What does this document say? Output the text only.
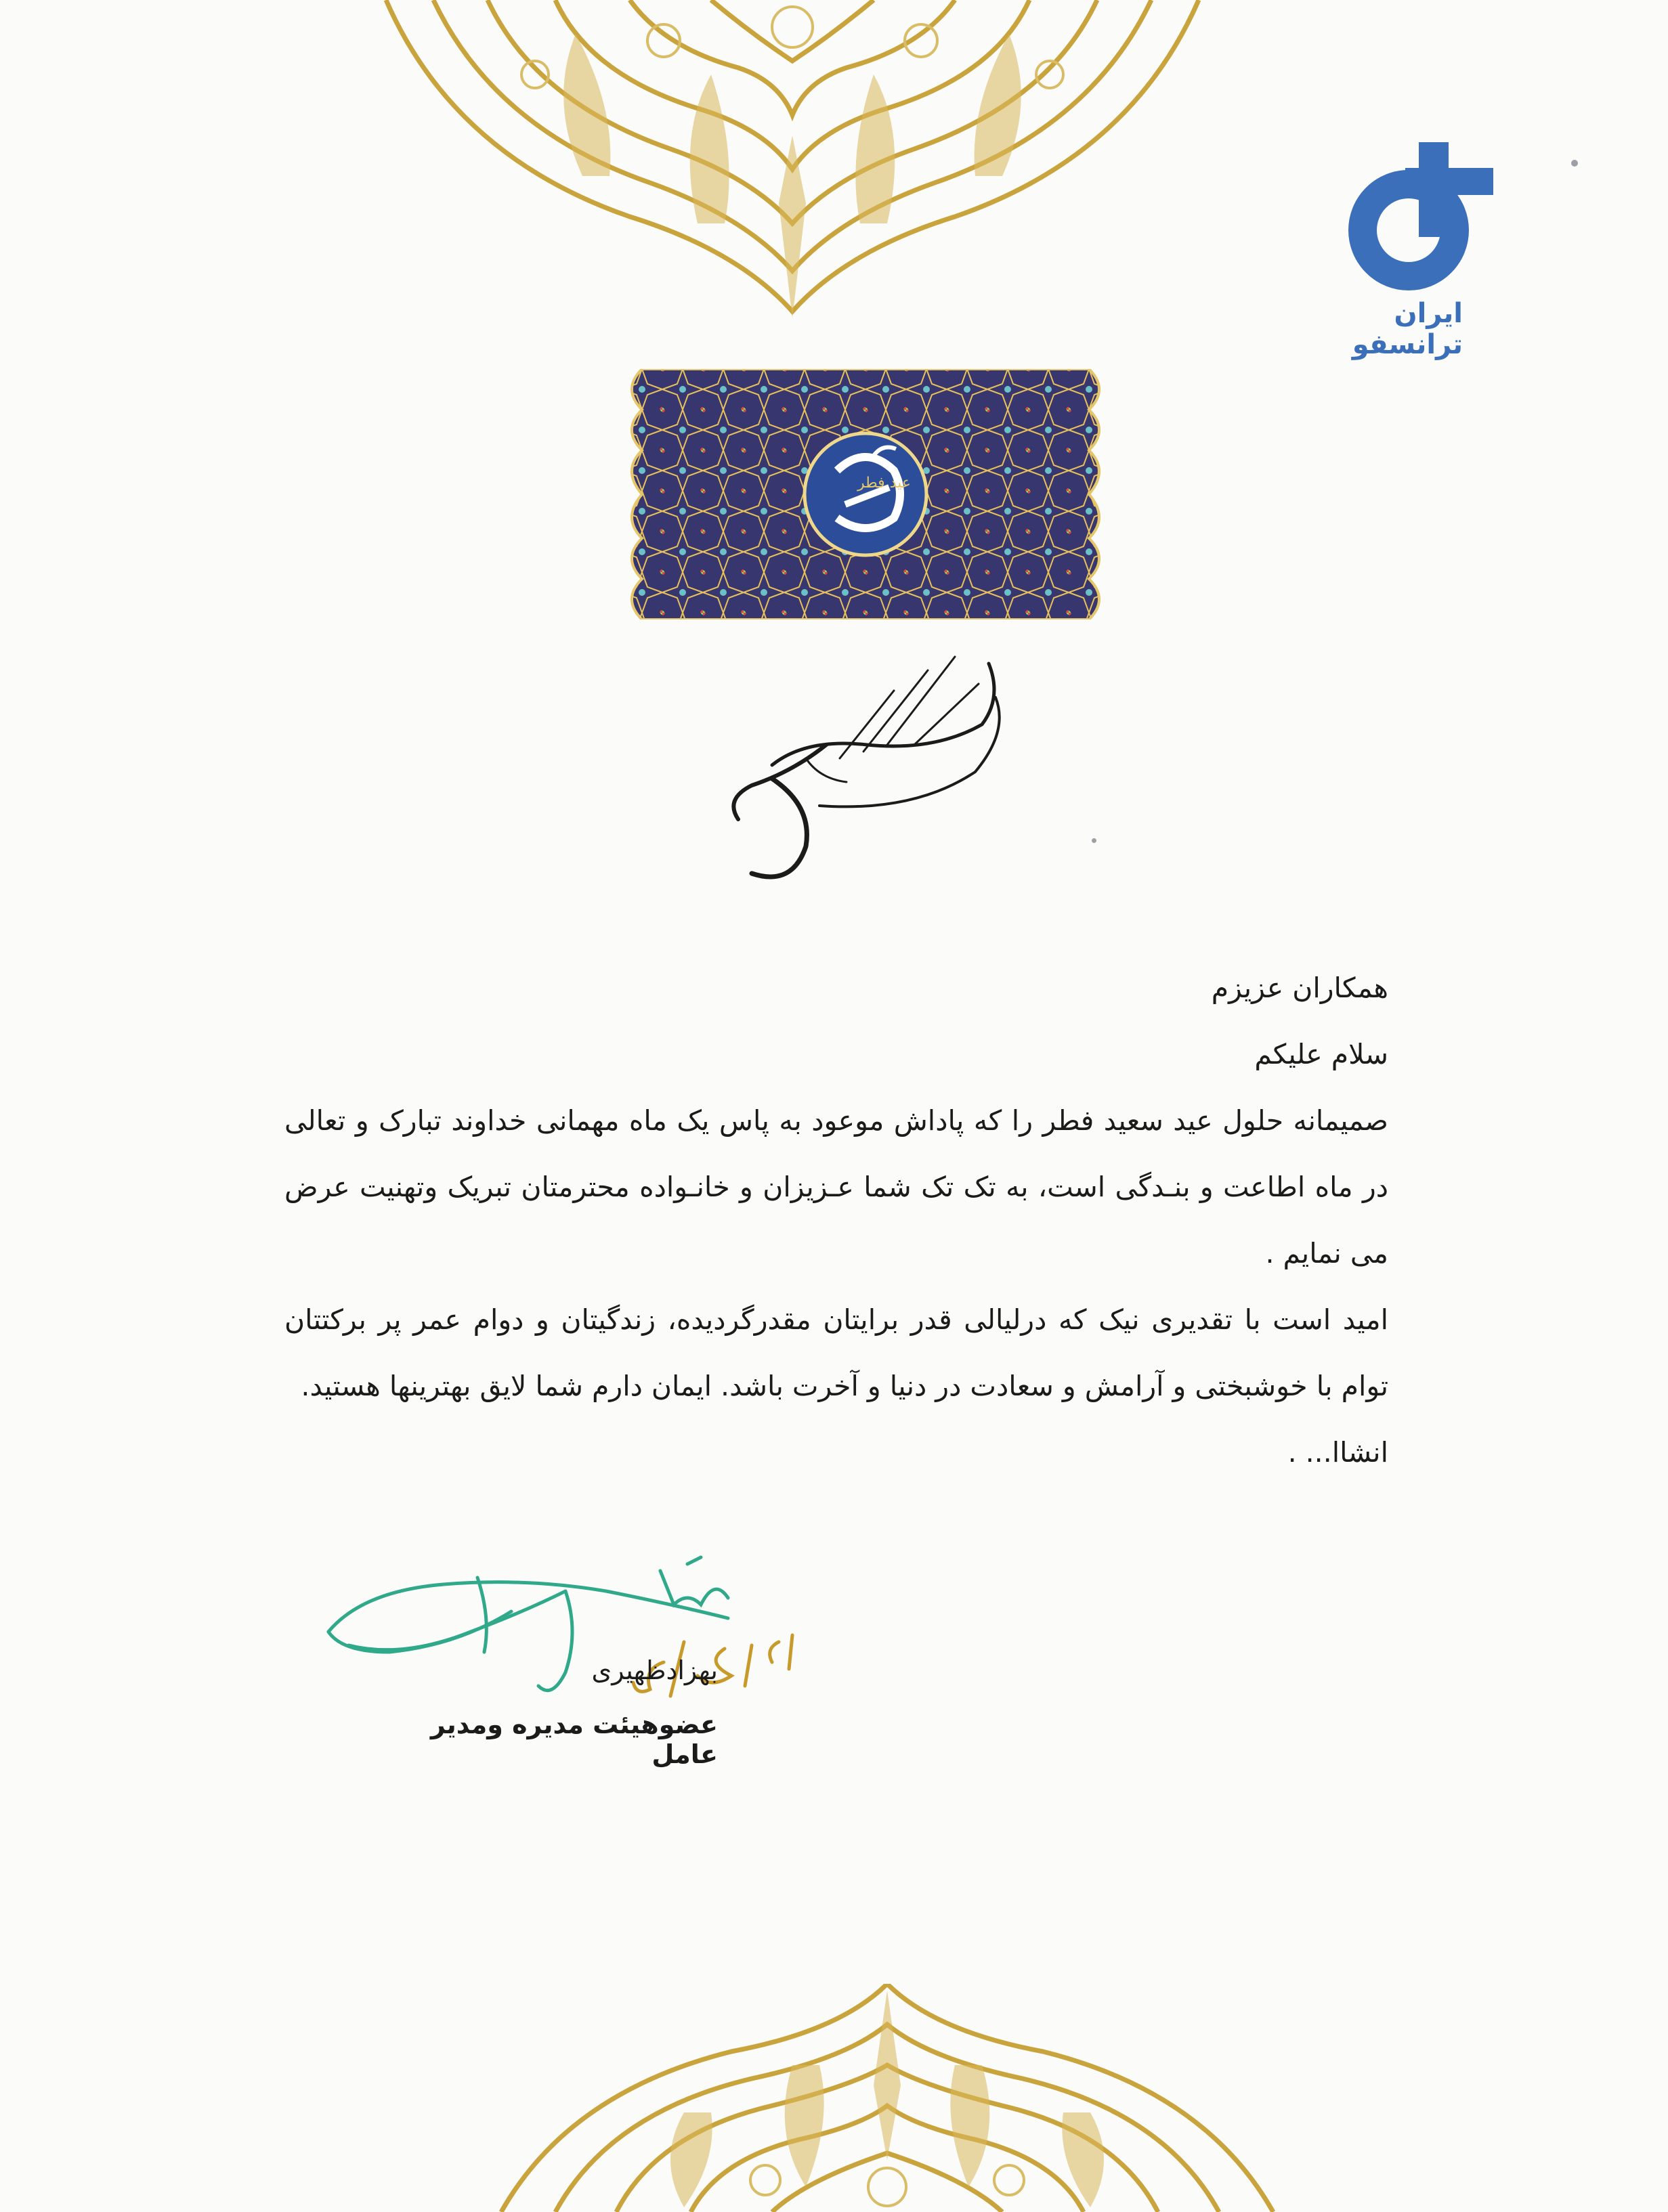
ایران ترانسفو
عید فطر

همکاران عزیزم

سلام علیکم

صمیمانه حلول عید سعید فطر را که پاداش موعود به پاس یک ماه مهمانی خداوند تبارک و تعالی در ماه اطاعت و بنـدگی است، به تک تک شما عـزیزان و خانـواده محترمتان تبریک وتهنیت عرض می نمایم .

امید است با تقدیری نیک که درلیالی قدر برایتان مقدرگردیده، زندگیتان و دوام عمر پر برکتتان توام با خوشبختی و آرامش و سعادت در دنیا و آخرت باشد. ایمان دارم شما لایق بهترینها هستید.

انشاا... .

بهزادظهیری
عضوهیئت مدیره ومدیر عامل
